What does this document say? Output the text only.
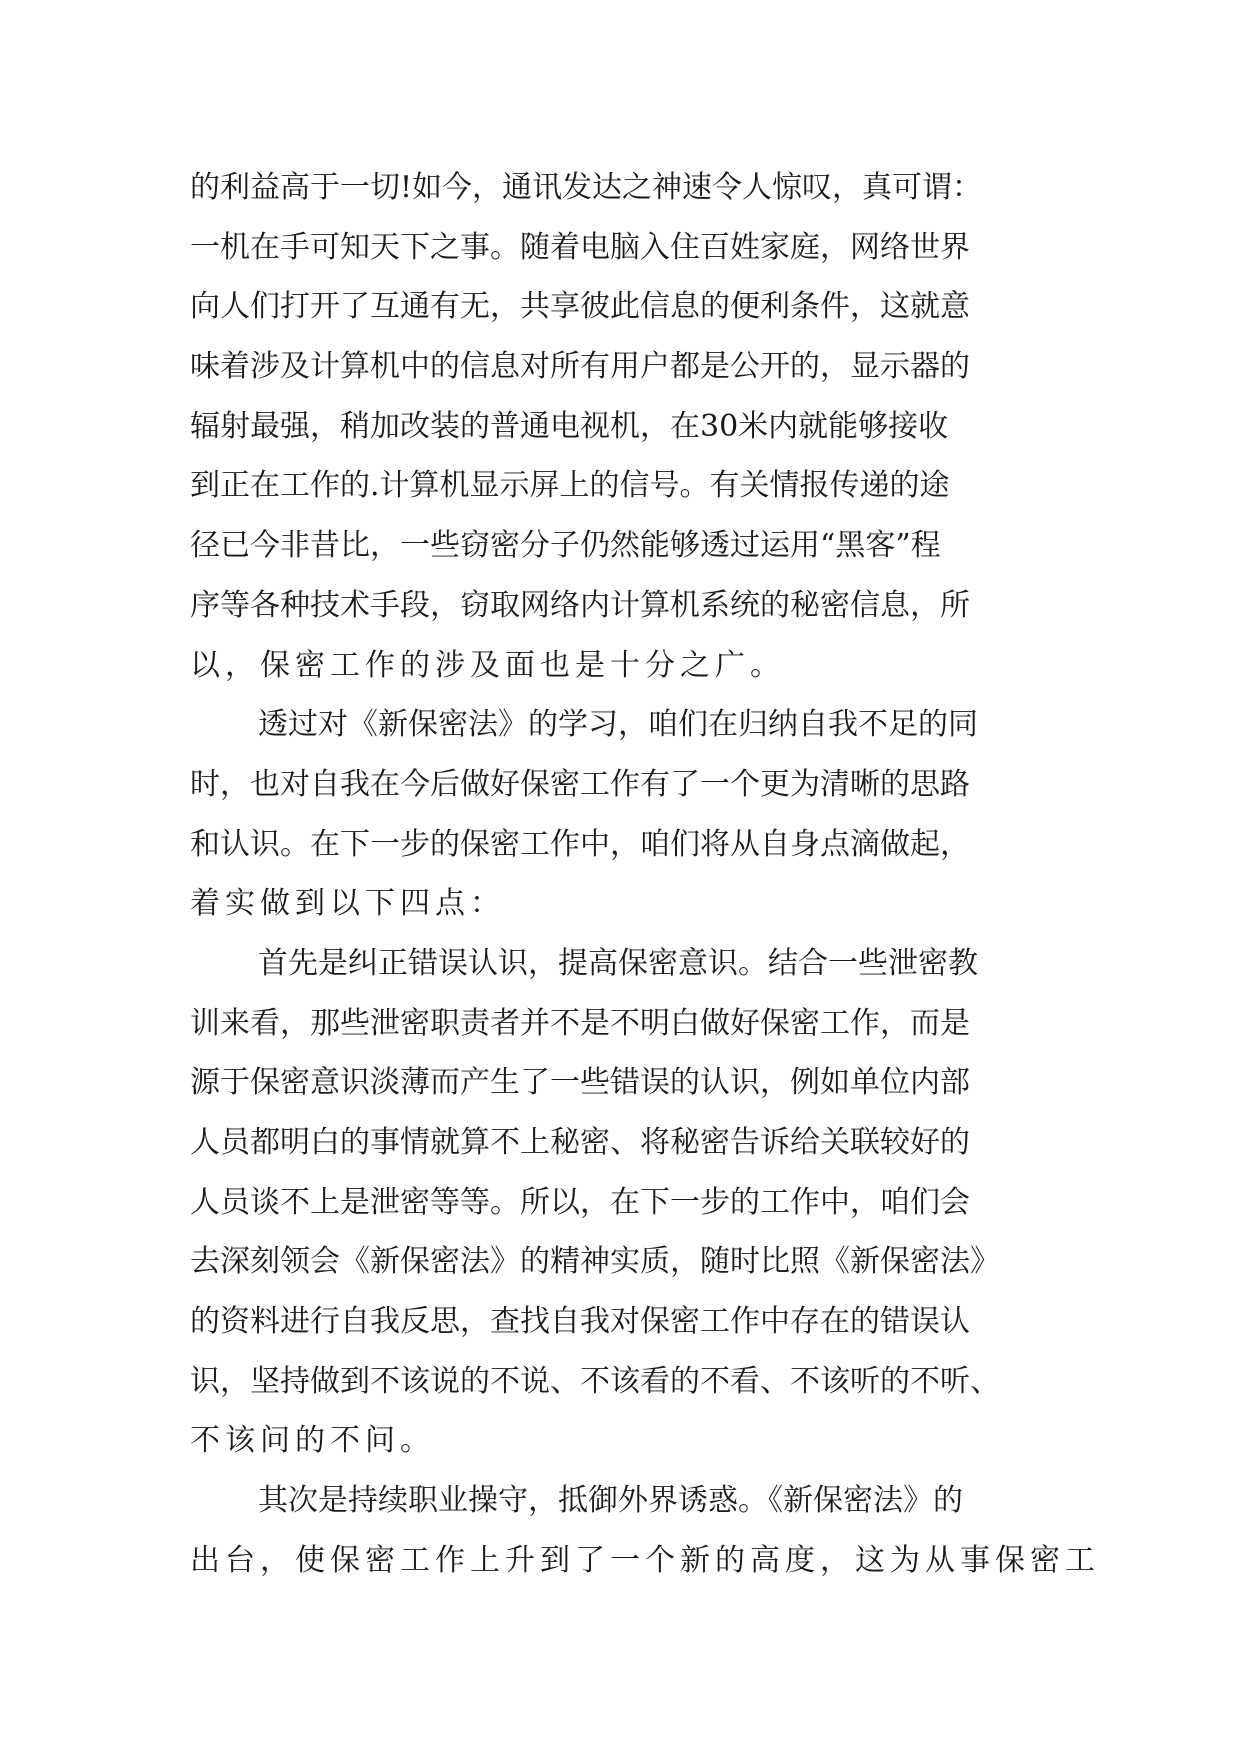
的利益高于一切!如今，通讯发达之神速令人惊叹，真可谓：
一机在手可知天下之事。随着电脑入住百姓家庭，网络世界
向人们打开了互通有无，共享彼此信息的便利条件，这就意
味着涉及计算机中的信息对所有用户都是公开的，显示器的
辐射最强，稍加改装的普通电视机，在30米内就能够接收
到正在工作的.计算机显示屏上的信号。有关情报传递的途
径已今非昔比，一些窃密分子仍然能够透过运用“黑客”程
序等各种技术手段，窃取网络内计算机系统的秘密信息，所
以，保密工作的涉及面也是十分之广。
透过对《新保密法》的学习，咱们在归纳自我不足的同
时，也对自我在今后做好保密工作有了一个更为清晰的思路
和认识。在下一步的保密工作中，咱们将从自身点滴做起，
着实做到以下四点：
首先是纠正错误认识，提高保密意识。结合一些泄密教
训来看，那些泄密职责者并不是不明白做好保密工作，而是
源于保密意识淡薄而产生了一些错误的认识，例如单位内部
人员都明白的事情就算不上秘密、将秘密告诉给关联较好的
人员谈不上是泄密等等。所以，在下一步的工作中，咱们会
去深刻领会《新保密法》的精神实质，随时比照《新保密法》
的资料进行自我反思，查找自我对保密工作中存在的错误认
识，坚持做到不该说的不说、不该看的不看、不该听的不听、
不该问的不问。
其次是持续职业操守，抵御外界诱惑。《新保密法》的
出台，使保密工作上升到了一个新的高度，这为从事保密工
